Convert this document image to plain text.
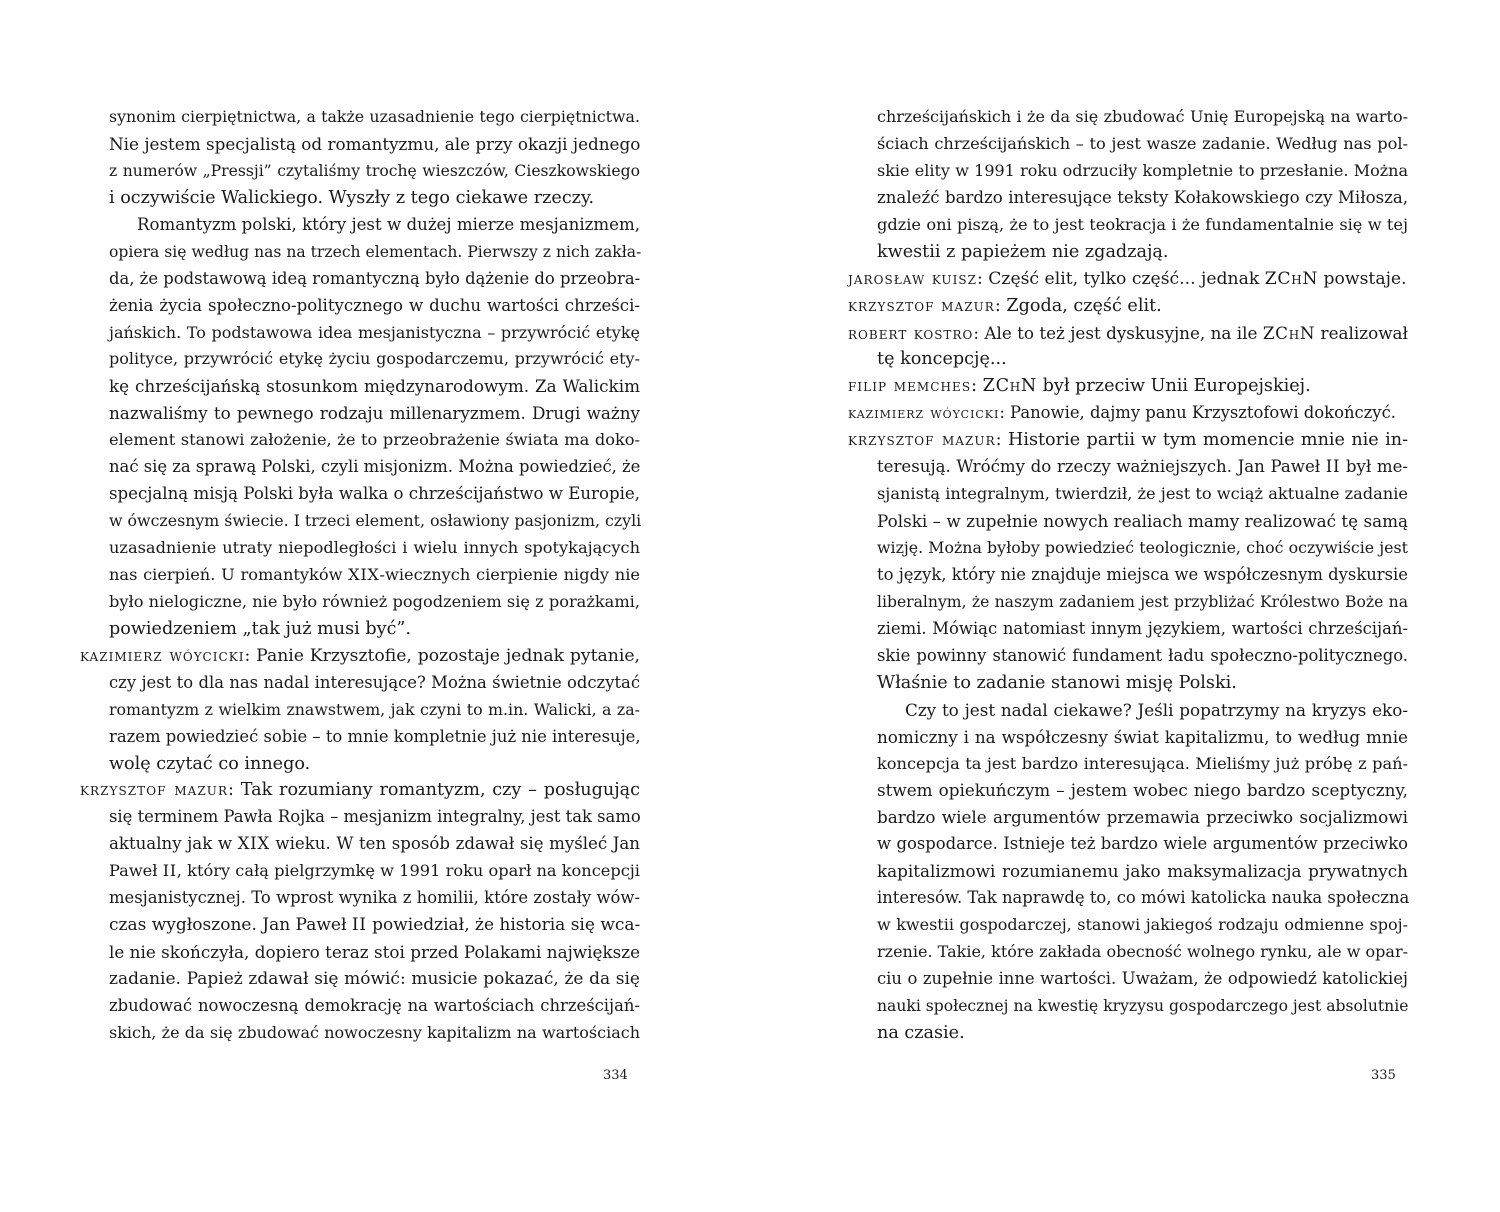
synonim cierpiętnictwa, a także uzasadnienie tego cierpiętnictwa.
Nie jestem specjalistą od romantyzmu, ale przy okazji jednego
z numerów „Pressji” czytaliśmy trochę wieszczów, Cieszkowskiego
i oczywiście Walickiego. Wyszły z tego ciekawe rzeczy.
Romantyzm polski, który jest w dużej mierze mesjanizmem,
opiera się według nas na trzech elementach. Pierwszy z nich zakła-
da, że podstawową ideą romantyczną było dążenie do przeobra-
żenia życia społeczno-politycznego w duchu wartości chrześci-
jańskich. To podstawowa idea mesjanistyczna – przywrócić etykę
polityce, przywrócić etykę życiu gospodarczemu, przywrócić ety-
kę chrześcijańską stosunkom międzynarodowym. Za Walickim
nazwaliśmy to pewnego rodzaju millenaryzmem. Drugi ważny
element stanowi założenie, że to przeobrażenie świata ma doko-
nać się za sprawą Polski, czyli misjonizm. Można powiedzieć, że
specjalną misją Polski była walka o chrześcijaństwo w Europie,
w ówczesnym świecie. I trzeci element, osławiony pasjonizm, czyli
uzasadnienie utraty niepodległości i wielu innych spotykających
nas cierpień. U romantyków XIX-wiecznych cierpienie nigdy nie
było nielogiczne, nie było również pogodzeniem się z porażkami,
powiedzeniem „tak już musi być”.
kazimierz wóycicki: Panie Krzysztofie, pozostaje jednak pytanie,
czy jest to dla nas nadal interesujące? Można świetnie odczytać
romantyzm z wielkim znawstwem, jak czyni to m.in. Walicki, a za-
razem powiedzieć sobie – to mnie kompletnie już nie interesuje,
wolę czytać co innego.
krzysztof mazur: Tak rozumiany romantyzm, czy – posługując
się terminem Pawła Rojka – mesjanizm integralny, jest tak samo
aktualny jak w XIX wieku. W ten sposób zdawał się myśleć Jan
Paweł II, który całą pielgrzymkę w 1991 roku oparł na koncepcji
mesjanistycznej. To wprost wynika z homilii, które zostały wów-
czas wygłoszone. Jan Paweł II powiedział, że historia się wca-
le nie skończyła, dopiero teraz stoi przed Polakami największe
zadanie. Papież zdawał się mówić: musicie pokazać, że da się
zbudować nowoczesną demokrację na wartościach chrześcijań-
skich, że da się zbudować nowoczesny kapitalizm na wartościach
334
chrześcijańskich i że da się zbudować Unię Europejską na warto-
ściach chrześcijańskich – to jest wasze zadanie. Według nas pol-
skie elity w 1991 roku odrzuciły kompletnie to przesłanie. Można
znaleźć bardzo interesujące teksty Kołakowskiego czy Miłosza,
gdzie oni piszą, że to jest teokracja i że fundamentalnie się w tej
kwestii z papieżem nie zgadzają.
jarosław kuisz: Część elit, tylko część... jednak ZChN powstaje.
krzysztof mazur: Zgoda, część elit.
robert kostro: Ale to też jest dyskusyjne, na ile ZChN realizował
tę koncepcję...
filip memches: ZChN był przeciw Unii Europejskiej.
kazimierz wóycicki: Panowie, dajmy panu Krzysztofowi dokończyć.
krzysztof mazur: Historie partii w tym momencie mnie nie in-
teresują. Wróćmy do rzeczy ważniejszych. Jan Paweł II był me-
sjanistą integralnym, twierdził, że jest to wciąż aktualne zadanie
Polski – w zupełnie nowych realiach mamy realizować tę samą
wizję. Można byłoby powiedzieć teologicznie, choć oczywiście jest
to język, który nie znajduje miejsca we współczesnym dyskursie
liberalnym, że naszym zadaniem jest przybliżać Królestwo Boże na
ziemi. Mówiąc natomiast innym językiem, wartości chrześcijań-
skie powinny stanowić fundament ładu społeczno-politycznego.
Właśnie to zadanie stanowi misję Polski.
Czy to jest nadal ciekawe? Jeśli popatrzymy na kryzys eko-
nomiczny i na współczesny świat kapitalizmu, to według mnie
koncepcja ta jest bardzo interesująca. Mieliśmy już próbę z pań-
stwem opiekuńczym – jestem wobec niego bardzo sceptyczny,
bardzo wiele argumentów przemawia przeciwko socjalizmowi
w gospodarce. Istnieje też bardzo wiele argumentów przeciwko
kapitalizmowi rozumianemu jako maksymalizacja prywatnych
interesów. Tak naprawdę to, co mówi katolicka nauka społeczna
w kwestii gospodarczej, stanowi jakiegoś rodzaju odmienne spoj-
rzenie. Takie, które zakłada obecność wolnego rynku, ale w opar-
ciu o zupełnie inne wartości. Uważam, że odpowiedź katolickiej
nauki społecznej na kwestię kryzysu gospodarczego jest absolutnie
na czasie.
335
